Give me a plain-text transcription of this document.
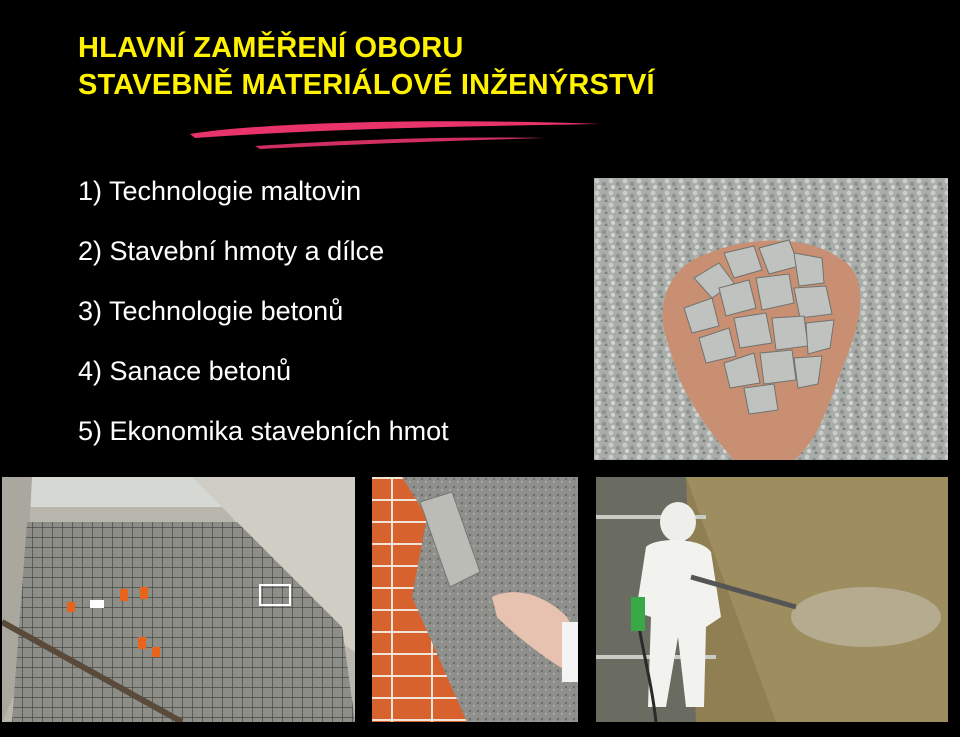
HLAVNÍ ZAMĚŘENÍ OBORU
STAVEBNĚ MATERIÁLOVÉ INŽENÝRSTVÍ
1) Technologie maltovin
2) Stavební hmoty a dílce
3) Technologie betonů
4) Sanace betonů
5) Ekonomika stavebních hmot
